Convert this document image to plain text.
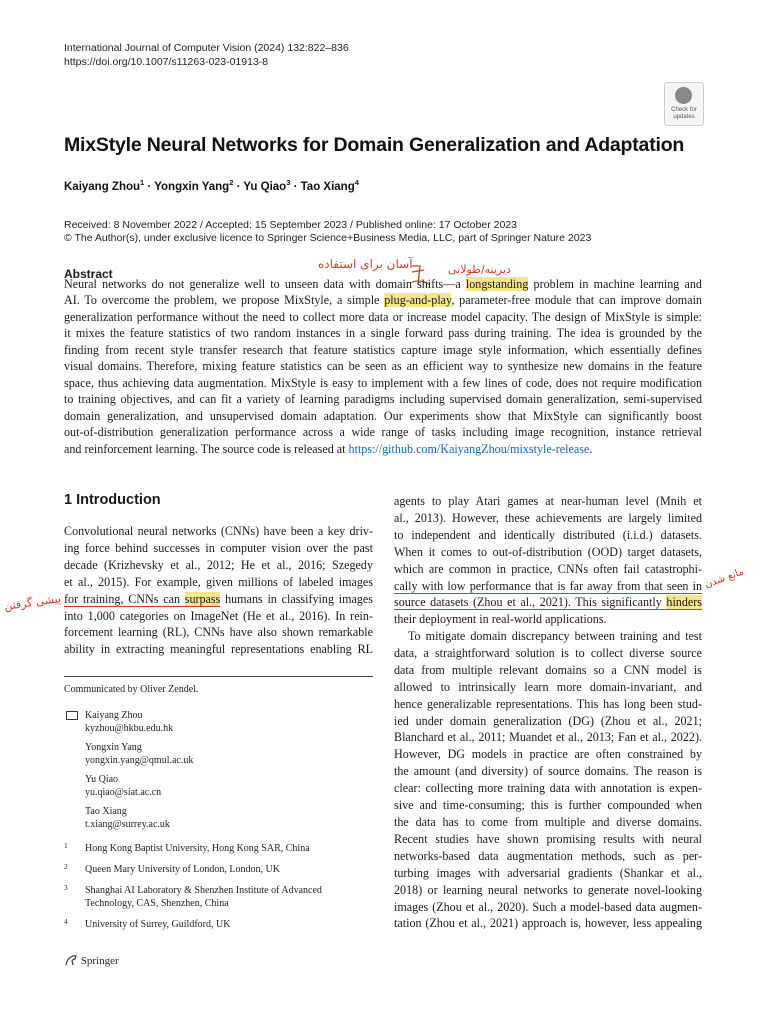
International Journal of Computer Vision (2024) 132:822–836
https://doi.org/10.1007/s11263-023-01913-8
Check for
updates
MixStyle Neural Networks for Domain Generalization and Adaptation
Kaiyang Zhou$^1$ · Yongxin Yang$^2$ · Yu Qiao$^3$ · Tao Xiang$^4$
Received: 8 November 2022 / Accepted: 15 September 2023 / Published online: 17 October 2023
© The Author(s), under exclusive licence to Springer Science+Business Media, LLC, part of Springer Nature 2023
Abstract
آسان برای استفاده	دیرینه/طولانی
Neural networks do not generalize well to unseen data with domain shifts—a longstanding problem in machine learning and
AI. To overcome the problem, we propose MixStyle, a simple plug-and-play, parameter-free module that can improve domain
generalization performance without the need to collect more data or increase model capacity. The design of MixStyle is simple:
it mixes the feature statistics of two random instances in a single forward pass during training. The idea is grounded by the
finding from recent style transfer research that feature statistics capture image style information, which essentially defines
visual domains. Therefore, mixing feature statistics can be seen as an efficient way to synthesize new domains in the feature
space, thus achieving data augmentation. MixStyle is easy to implement with a few lines of code, does not require modification
to training objectives, and can fit a variety of learning paradigms including supervised domain generalization, semi-supervised
domain generalization, and unsupervised domain adaptation. Our experiments show that MixStyle can significantly boost
out-of-distribution generalization performance across a wide range of tasks including image recognition, instance retrieval
and reinforcement learning. The source code is released at https://github.com/KaiyangZhou/mixstyle-release.
1 Introduction
Convolutional neural networks (CNNs) have been a key driv-
ing force behind successes in computer vision over the past
decade (Krizhevsky et al., 2012; He et al., 2016; Szegedy
et al., 2015). For example, given millions of labeled images
for training, CNNs can surpass humans in classifying images
into 1,000 categories on ImageNet (He et al., 2016). In rein-
forcement learning (RL), CNNs have also shown remarkable
ability in extracting meaningful representations enabling RL
پیشی گرفتن
Communicated by Oliver Zendel.
Kaiyang Zhou
kyzhou@hkbu.edu.hk
Yongxin Yang
yongxin.yang@qmul.ac.uk
Yu Qiao
yu.qiao@siat.ac.cn
Tao Xiang
t.xiang@surrey.ac.uk
1 Hong Kong Baptist University, Hong Kong SAR, China
2 Queen Mary University of London, London, UK
3 Shanghai AI Laboratory & Shenzhen Institute of Advanced Technology, CAS, Shenzhen, China
4 University of Surrey, Guildford, UK
Springer
agents to play Atari games at near-human level (Mnih et
al., 2013). However, these achievements are largely limited
to independent and identically distributed (i.i.d.) datasets.
When it comes to out-of-distribution (OOD) target datasets,
which are common in practice, CNNs often fail catastrophi-
cally with low performance that is far away from that seen in
source datasets (Zhou et al., 2021). This significantly hinders
their deployment in real-world applications.
مانع شدن
To mitigate domain discrepancy between training and test
data, a straightforward solution is to collect diverse source
data from multiple relevant domains so a CNN model is
allowed to intrinsically learn more domain-invariant, and
hence generalizable representations. This has long been stud-
ied under domain generalization (DG) (Zhou et al., 2021;
Blanchard et al., 2011; Muandet et al., 2013; Fan et al., 2022).
However, DG models in practice are often constrained by
the amount (and diversity) of source domains. The reason is
clear: collecting more training data with annotation is expen-
sive and time-consuming; this is further compounded when
the data has to come from multiple and diverse domains.
Recent studies have shown promising results with neural
networks-based data augmentation methods, such as per-
turbing images with adversarial gradients (Shankar et al.,
2018) or learning neural networks to generate novel-looking
images (Zhou et al., 2020). Such a model-based data augmen-
tation (Zhou et al., 2021) approach is, however, less appealing
